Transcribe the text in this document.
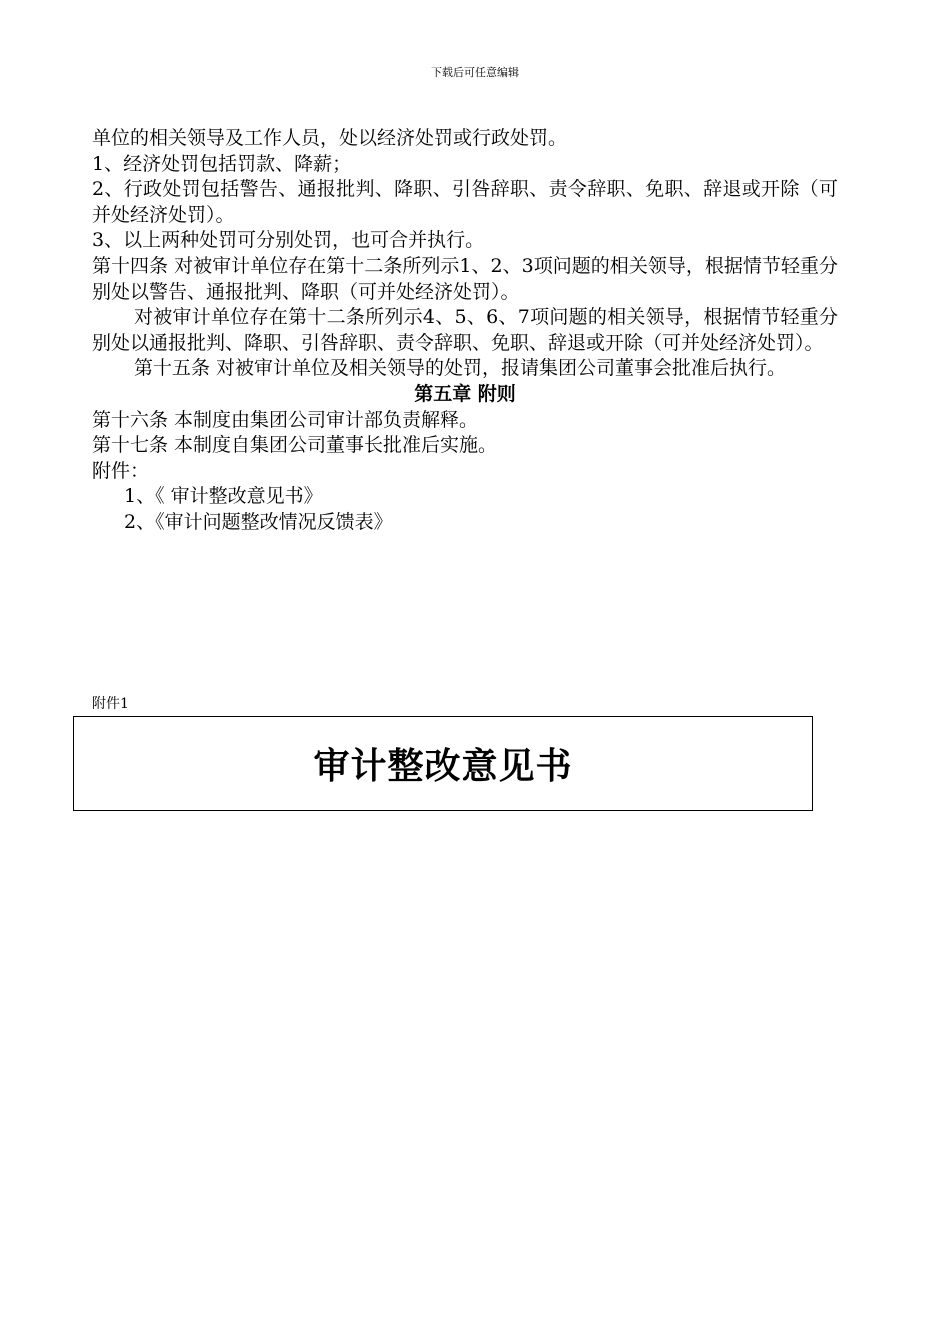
下载后可任意编辑

单位的相关领导及工作人员，处以经济处罚或行政处罚。

1、经济处罚包括罚款、降薪；

2、行政处罚包括警告、通报批判、降职、引咎辞职、责令辞职、免职、辞退或开除（可并处经济处罚）。

3、以上两种处罚可分别处罚，也可合并执行。

第十四条 对被审计单位存在第十二条所列示1、2、3项问题的相关领导，根据情节轻重分别处以警告、通报批判、降职（可并处经济处罚）。

对被审计单位存在第十二条所列示4、5、6、7项问题的相关领导，根据情节轻重分别处以通报批判、降职、引咎辞职、责令辞职、免职、辞退或开除（可并处经济处罚）。

第十五条 对被审计单位及相关领导的处罚，报请集团公司董事会批准后执行。

第五章 附则

第十六条 本制度由集团公司审计部负责解释。

第十七条 本制度自集团公司董事长批准后实施。

附件：

1、《 审计整改意见书》

2、《审计问题整改情况反馈表》

附件1
审计整改意见书
